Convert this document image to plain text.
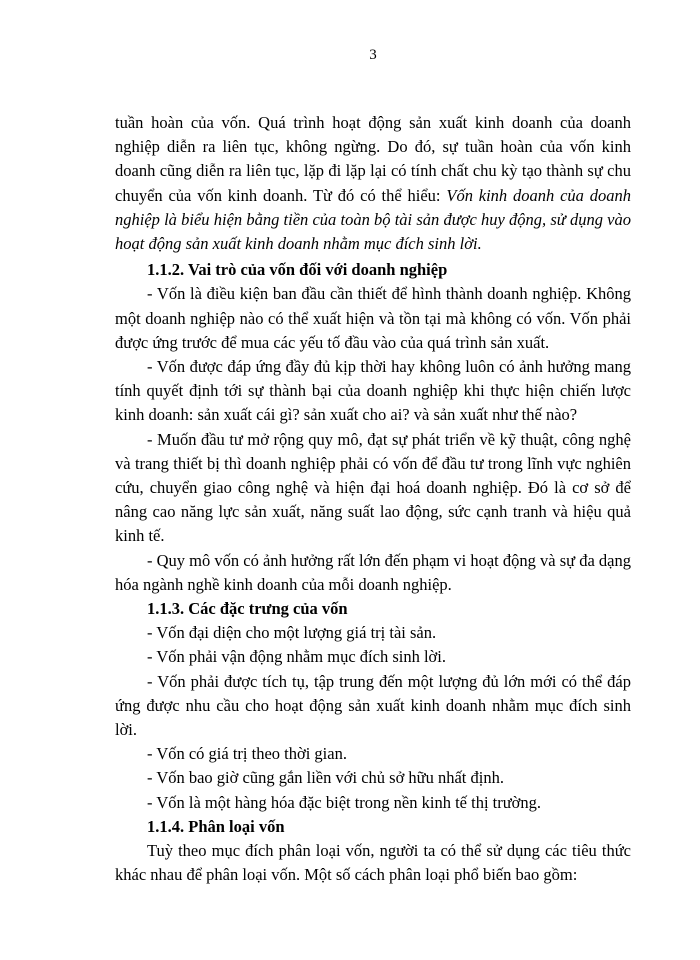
3

tuần hoàn của vốn. Quá trình hoạt động sản xuất kinh doanh của doanh nghiệp diễn ra liên tục, không ngừng. Do đó, sự tuần hoàn của vốn kinh doanh cũng diễn ra liên tục, lặp đi lặp lại có tính chất chu kỳ tạo thành sự chu chuyển của vốn kinh doanh. Từ đó có thể hiểu: Vốn kinh doanh của doanh nghiệp là biểu hiện bằng tiền của toàn bộ tài sản được huy động, sử dụng vào hoạt động sản xuất kinh doanh nhằm mục đích sinh lời.

1.1.2. Vai trò của vốn đối với doanh nghiệp

- Vốn là điều kiện ban đầu cần thiết để hình thành doanh nghiệp. Không một doanh nghiệp nào có thể xuất hiện và tồn tại mà không có vốn. Vốn phải được ứng trước để mua các yếu tố đầu vào của quá trình sản xuất.

- Vốn được đáp ứng đầy đủ kịp thời hay không luôn có ảnh hưởng mang tính quyết định tới sự thành bại của doanh nghiệp khi thực hiện chiến lược kinh doanh: sản xuất cái gì? sản xuất cho ai? và sản xuất như thế nào?

- Muốn đầu tư mở rộng quy mô, đạt sự phát triển về kỹ thuật, công nghệ và trang thiết bị thì doanh nghiệp phải có vốn để đầu tư trong lĩnh vực nghiên cứu, chuyển giao công nghệ và hiện đại hoá doanh nghiệp. Đó là cơ sở để nâng cao năng lực sản xuất, năng suất lao động, sức cạnh tranh và hiệu quả kinh tế.

- Quy mô vốn có ảnh hưởng rất lớn đến phạm vi hoạt động và sự đa dạng hóa ngành nghề kinh doanh của mỗi doanh nghiệp.

1.1.3. Các đặc trưng của vốn

- Vốn đại diện cho một lượng giá trị tài sản.

- Vốn phải vận động nhằm mục đích sinh lời.

- Vốn phải được tích tụ, tập trung đến một lượng đủ lớn mới có thể đáp ứng được nhu cầu cho hoạt động sản xuất kinh doanh nhằm mục đích sinh lời.

- Vốn có giá trị theo thời gian.

- Vốn bao giờ cũng gắn liền với chủ sở hữu nhất định.

- Vốn là một hàng hóa đặc biệt trong nền kinh tế thị trường.

1.1.4. Phân loại vốn

Tuỳ theo mục đích phân loại vốn, người ta có thể sử dụng các tiêu thức khác nhau để phân loại vốn. Một số cách phân loại phổ biến bao gồm:
